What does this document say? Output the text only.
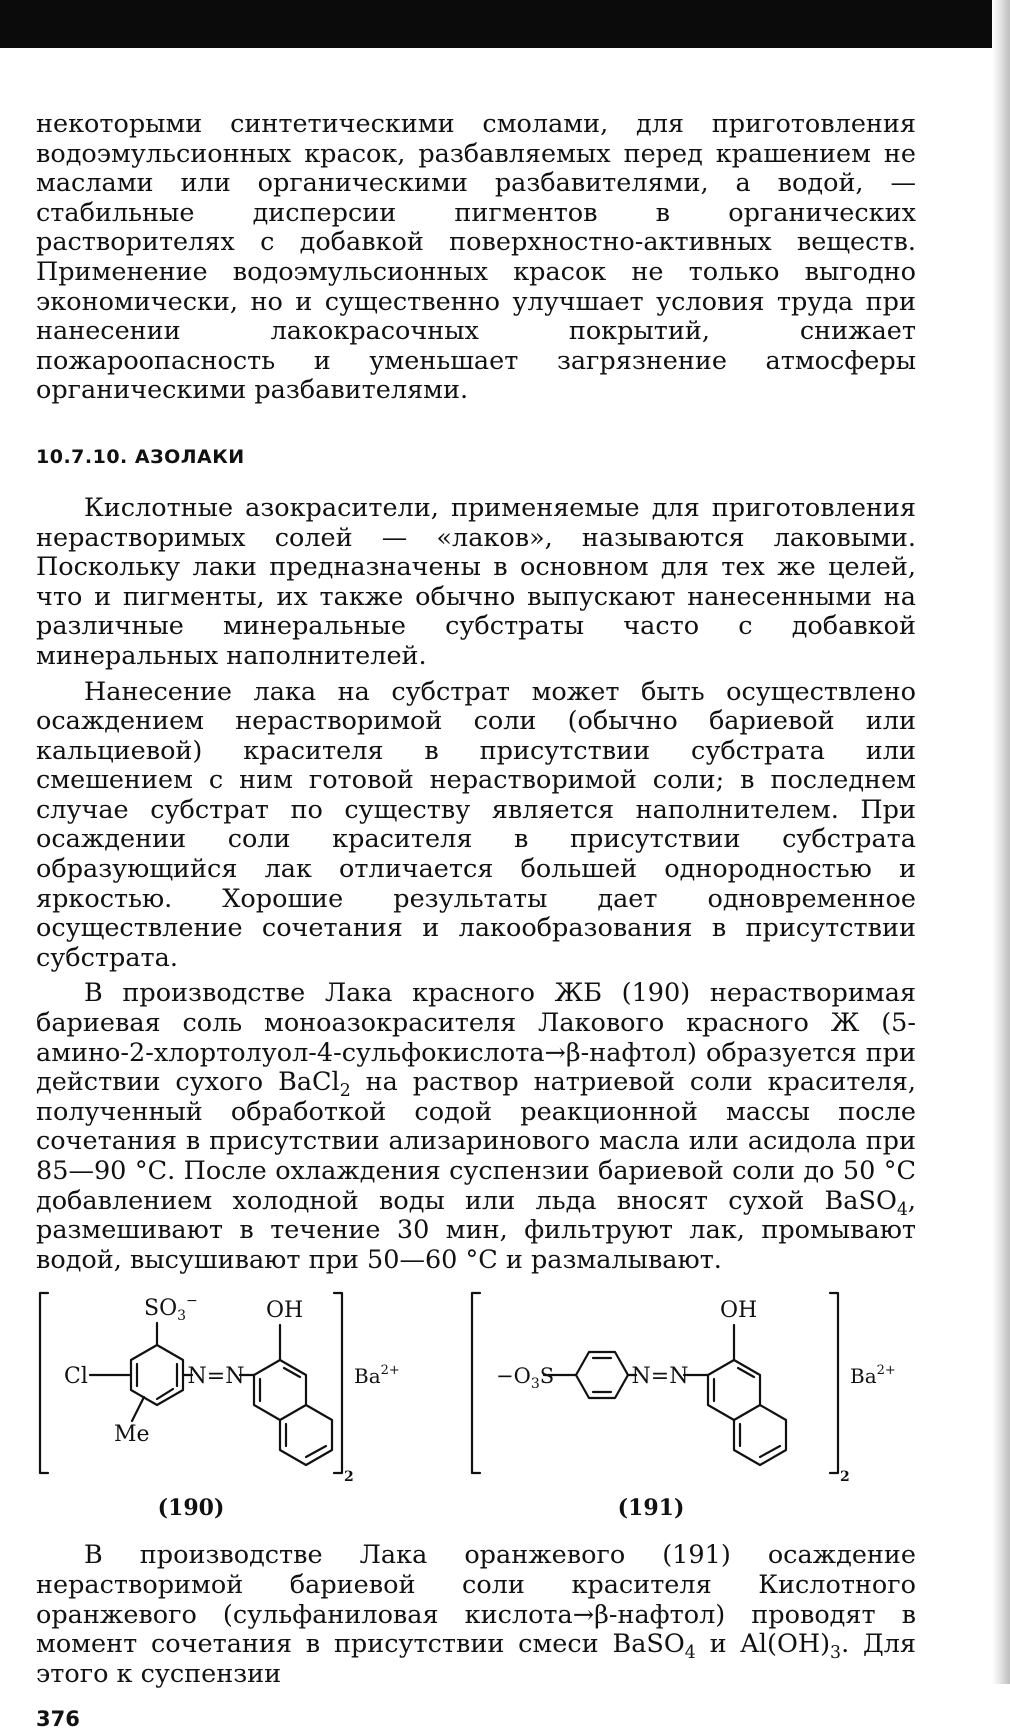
некоторыми синтетическими смолами, для приготовления водоэмульсионных красок, разбавляемых перед крашением не маслами или органическими разбавителями, а водой, — стабильные дисперсии пигментов в органических растворителях с добавкой поверхностно-активных веществ. Применение водоэмульсионных красок не только выгодно экономически, но и существенно улучшает условия труда при нанесении лакокрасочных покрытий, снижает пожароопасность и уменьшает загрязнение атмосферы органическими разбавителями.

10.7.10. АЗОЛАКИ

Кислотные азокрасители, применяемые для приготовления нерастворимых солей — «лаков», называются лаковыми. Поскольку лаки предназначены в основном для тех же целей, что и пигменты, их также обычно выпускают нанесенными на различные минеральные субстраты часто с добавкой минеральных наполнителей.

Нанесение лака на субстрат может быть осуществлено осаждением нерастворимой соли (обычно бариевой или кальциевой) красителя в присутствии субстрата или смешением с ним готовой нерастворимой соли; в последнем случае субстрат по существу является наполнителем. При осаждении соли красителя в присутствии субстрата образующийся лак отличается большей однородностью и яркостью. Хорошие результаты дает одновременное осуществление сочетания и лакообразования в присутствии субстрата.

В производстве Лака красного ЖБ (190) нерастворимая бариевая соль моноазокрасителя Лакового красного Ж (5-амино-2-хлортолуол-4-сульфокислота→β-нафтол) образуется при действии сухого BaCl$_2$ на раствор натриевой соли красителя, полученный обработкой содой реакционной массы после сочетания в присутствии ализаринового масла или асидола при 85—90 °С. После охлаждения суспензии бариевой соли до 50 °С добавлением холодной воды или льда вносят сухой BaSO$_4$, размешивают в течение 30 мин, фильтруют лак, промывают водой, высушивают при 50—60 °С и размалывают.

$SO_3^-$	OH
Cl
Me
N=N	$Ba^{2+}$
2
(190)
$-O_3S$
OH
N=N	$Ba^{2+}$
2
(191)

В производстве Лака оранжевого (191) осаждение нерастворимой бариевой соли красителя Кислотного оранжевого (сульфаниловая кислота→β-нафтол) проводят в момент сочетания в присутствии смеси BaSO$_4$ и $Al(OH)_3$. Для этого к суспензии

376
